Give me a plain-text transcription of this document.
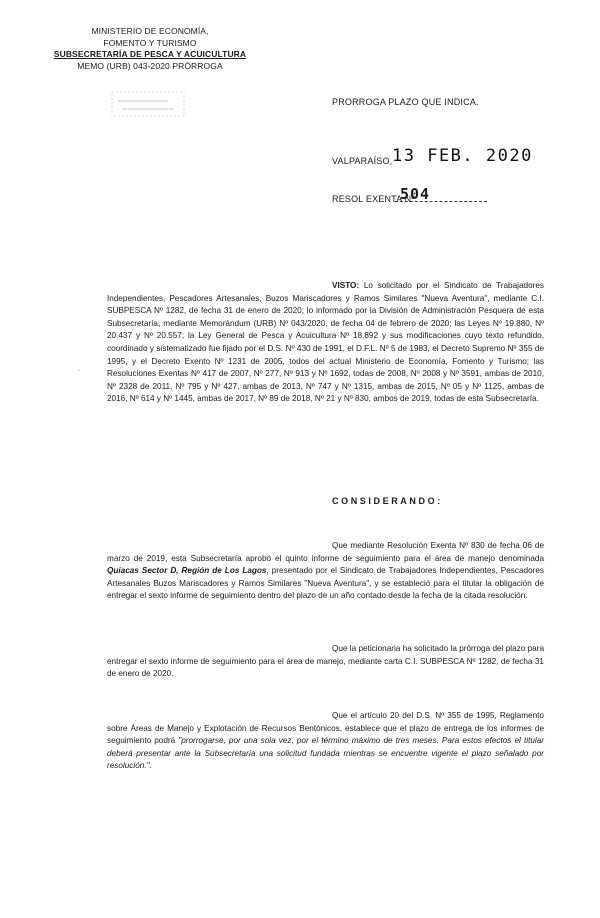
MINISTERIO DE ECONOMÍA,
FOMENTO Y TURISMO
SUBSECRETARÍA DE PESCA Y ACUICULTURA
MEMO (URB) 043-2020 PRÓRROGA
PRORROGA PLAZO QUE INDICA.
VALPARAÍSO, 13 FEB. 2020
RESOL EXENTA Nº
504
·
VISTO: Lo solicitado por el Sindicato de Trabajadores Independientes, Pescadores Artesanales, Buzos Mariscadores y Ramos Similares "Nueva Aventura", mediante C.I. SUBPESCA Nº 1282, de fecha 31 de enero de 2020; lo informado por la División de Administración Pesquera de esta Subsecretaría, mediante Memorándum (URB) Nº 043/2020, de fecha 04 de febrero de 2020; las Leyes Nº 19.880, Nº 20.437 y Nº 20.557; la Ley General de Pesca y Acuicultura Nº 18.892 y sus modificaciones cuyo texto refundido, coordinado y sistematizado fue fijado por el D.S. Nº 430 de 1991, el D.F.L. Nº 5 de 1983, el Decreto Supremo Nº 355 de 1995, y el Decreto Exento Nº 1231 de 2005, todos del actual Ministerio de Economía, Fomento y Turismo; las Resoluciones Exentas Nº 417 de 2007, Nº 277, Nº 913 y Nº 1692, todas de 2008, Nº 2008 y Nº 3591, ambas de 2010, Nº 2328 de 2011, Nº 795 y Nº 427, ambas de 2013, Nº 747 y Nº 1315, ambas de 2015, Nº 05 y Nº 1125, ambas de 2016, Nº 614 y Nº 1445, ambas de 2017, Nº 89 de 2018, Nº 21 y Nº 830, ambos de 2019, todas de esta Subsecretaría.
CONSIDERANDO:
Que mediante Resolución Exenta Nº 830 de fecha 06 de marzo de 2019, esta Subsecretaría aprobó el quinto informe de seguimiento para el área de manejo denominada Quiacas Sector D, Región de Los Lagos, presentado por el Sindicato de Trabajadores Independientes, Pescadores Artesanales Buzos Mariscadores y Ramos Similares "Nueva Aventura", y se estableció para el titular la obligación de entregar el sexto informe de seguimiento dentro del plazo de un año contado desde la fecha de la citada resolución.
Que la peticionaria ha solicitado la prórroga del plazo para entregar el sexto informe de seguimiento para el área de manejo, mediante carta C.I. SUBPESCA Nº 1282, de fecha 31 de enero de 2020.
Que el artículo 20 del D.S. Nº 355 de 1995, Reglamento sobre Áreas de Manejo y Explotación de Recursos Bentónicos, establece que el plazo de entrega de los informes de seguimiento podrá "prorrogarse, por una sola vez, por el término máximo de tres meses. Para estos efectos el titular deberá presentar ante la Subsecretaría una solicitud fundada mientras se encuentre vigente el plazo señalado por resolución.".
